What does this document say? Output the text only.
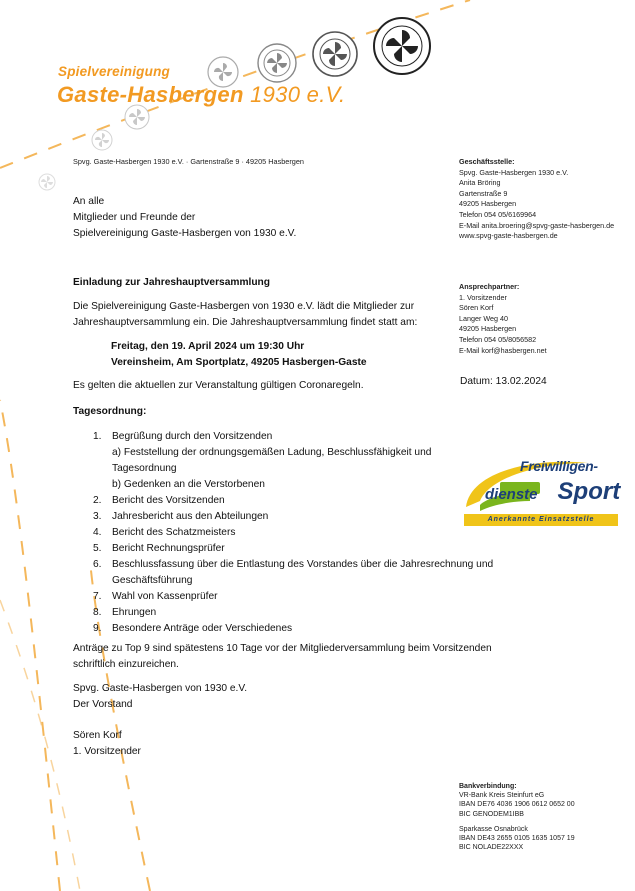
Spielvereinigung
Gaste-Hasbergen 1930 e.V.
Spvg. Gaste-Hasbergen 1930 e.V. · Gartenstraße 9 · 49205 Hasbergen	Geschäftsstelle:
Spvg. Gaste-Hasbergen 1930 e.V.
Anita Bröring
Gartenstraße 9
49205 Hasbergen
Telefon 054 05/6169964
E-Mail anita.broering@spvg-gaste-hasbergen.de
www.spvg-gaste-hasbergen.de
Ansprechpartner:
1. Vorsitzender
Sören Korf
Langer Weg 40
49205 Hasbergen
Telefon 054 05/8056582
E-Mail korf@hasbergen.net
Datum: 13.02.2024
An alle
Mitglieder und Freunde der
Spielvereinigung Gaste-Hasbergen von 1930 e.V.
Einladung zur Jahreshauptversammlung
Die Spielvereinigung Gaste-Hasbergen von 1930 e.V. lädt die Mitglieder zur
Jahreshauptversammlung ein. Die Jahreshauptversammlung findet statt am:
Freitag, den 19. April 2024 um 19:30 Uhr
Vereinsheim, Am Sportplatz, 49205 Hasbergen-Gaste
Es gelten die aktuellen zur Veranstaltung gültigen Coronaregeln.
Tagesordnung:
1. Begrüßung durch den Vorsitzenden
a) Feststellung der ordnungsgemäßen Ladung, Beschlussfähigkeit und
Tagesordnung
b) Gedenken an die Verstorbenen
2. Bericht des Vorsitzenden
3. Jahresbericht aus den Abteilungen
4. Bericht des Schatzmeisters
5. Bericht Rechnungsprüfer
6. Beschlussfassung über die Entlastung des Vorstandes über die Jahresrechnung und
Geschäftsführung
7. Wahl von Kassenprüfer
8. Ehrungen
9. Besondere Anträge oder Verschiedenes
Anträge zu Top 9 sind spätestens 10 Tage vor der Mitgliederversammlung beim Vorsitzenden
schriftlich einzureichen.
Spvg. Gaste-Hasbergen von 1930 e.V.
Der Vorstand
Sören Korf
1. Vorsitzender
Freiwilligen-
dienste im Sport
Anerkannte Einsatzstelle
Bankverbindung:
VR-Bank Kreis Steinfurt eG
IBAN DE76 4036 1906 0612 0652 00
BIC GENODEM1IBB
Sparkasse Osnabrück
IBAN DE43 2655 0105 1635 1057 19
BIC NOLADE22XXX
